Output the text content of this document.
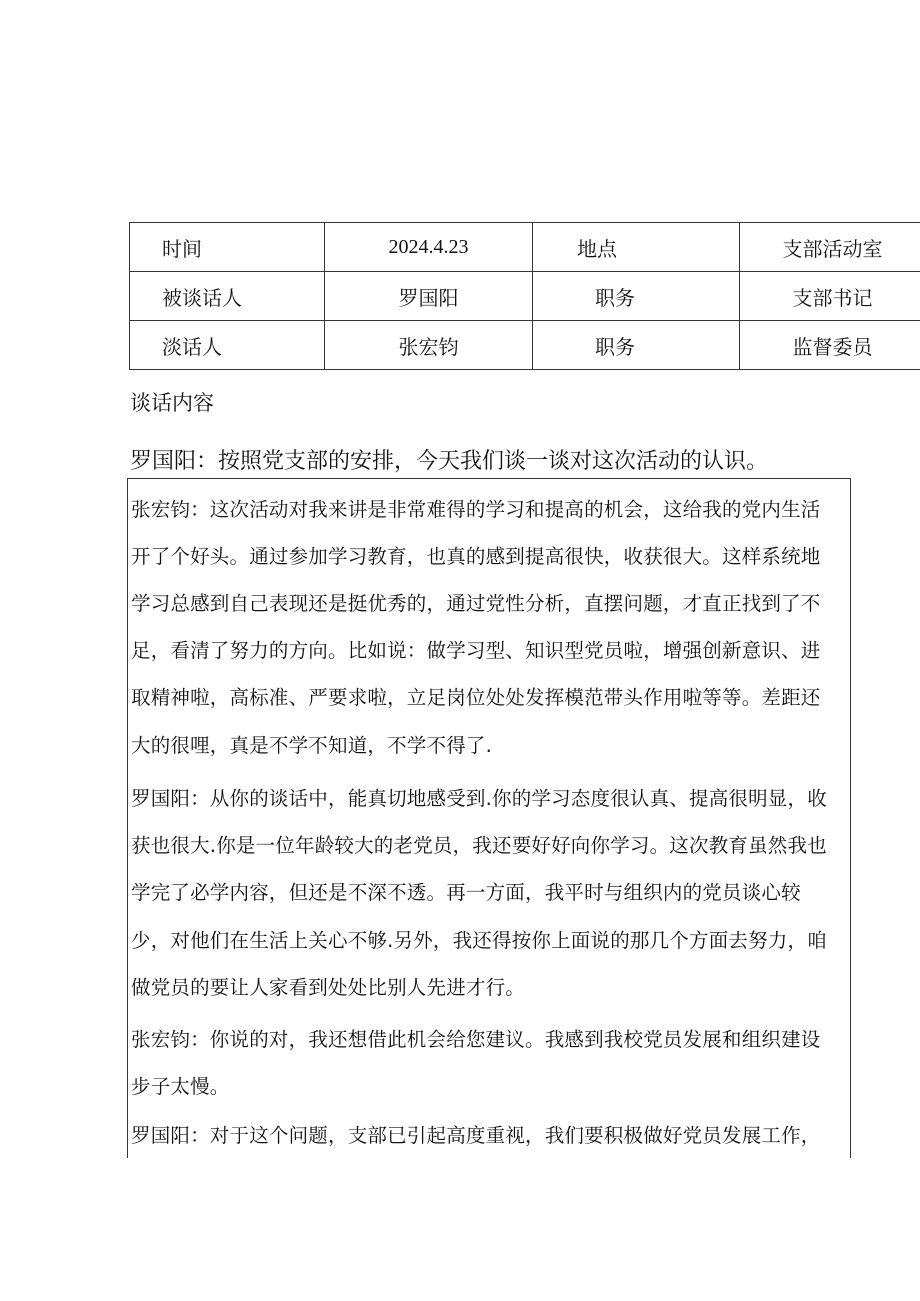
时间	2024.4.23	地点	支部活动室
被谈话人	罗国阳	职务	支部书记
淡话人	张宏钧	职务	监督委员
谈话内容
罗国阳：按照党支部的安排，今天我们谈一谈对这次活动的认识。
张宏钧：这次活动对我来讲是非常难得的学习和提高的机会，这给我的党内生活
开了个好头。通过参加学习教育，也真的感到提高很快，收获很大。这样系统地
学习总感到自己表现还是挺优秀的，通过党性分析，直摆问题，才直正找到了不
足，看清了努力的方向。比如说：做学习型、知识型党员啦，增强创新意识、进
取精神啦，高标准、严要求啦，立足岗位处处发挥模范带头作用啦等等。差距还
大的很哩，真是不学不知道，不学不得了.
罗国阳：从你的谈话中，能真切地感受到.你的学习态度很认真、提高很明显，收
获也很大.你是一位年龄较大的老党员，我还要好好向你学习。这次教育虽然我也
学完了必学内容，但还是不深不透。再一方面，我平时与组织内的党员谈心较
少，对他们在生活上关心不够.另外，我还得按你上面说的那几个方面去努力，咱
做党员的要让人家看到处处比别人先进才行。
张宏钧：你说的对，我还想借此机会给您建议。我感到我校党员发展和组织建设
步子太慢。
罗国阳：对于这个问题，支部已引起高度重视，我们要积极做好党员发展工作，
